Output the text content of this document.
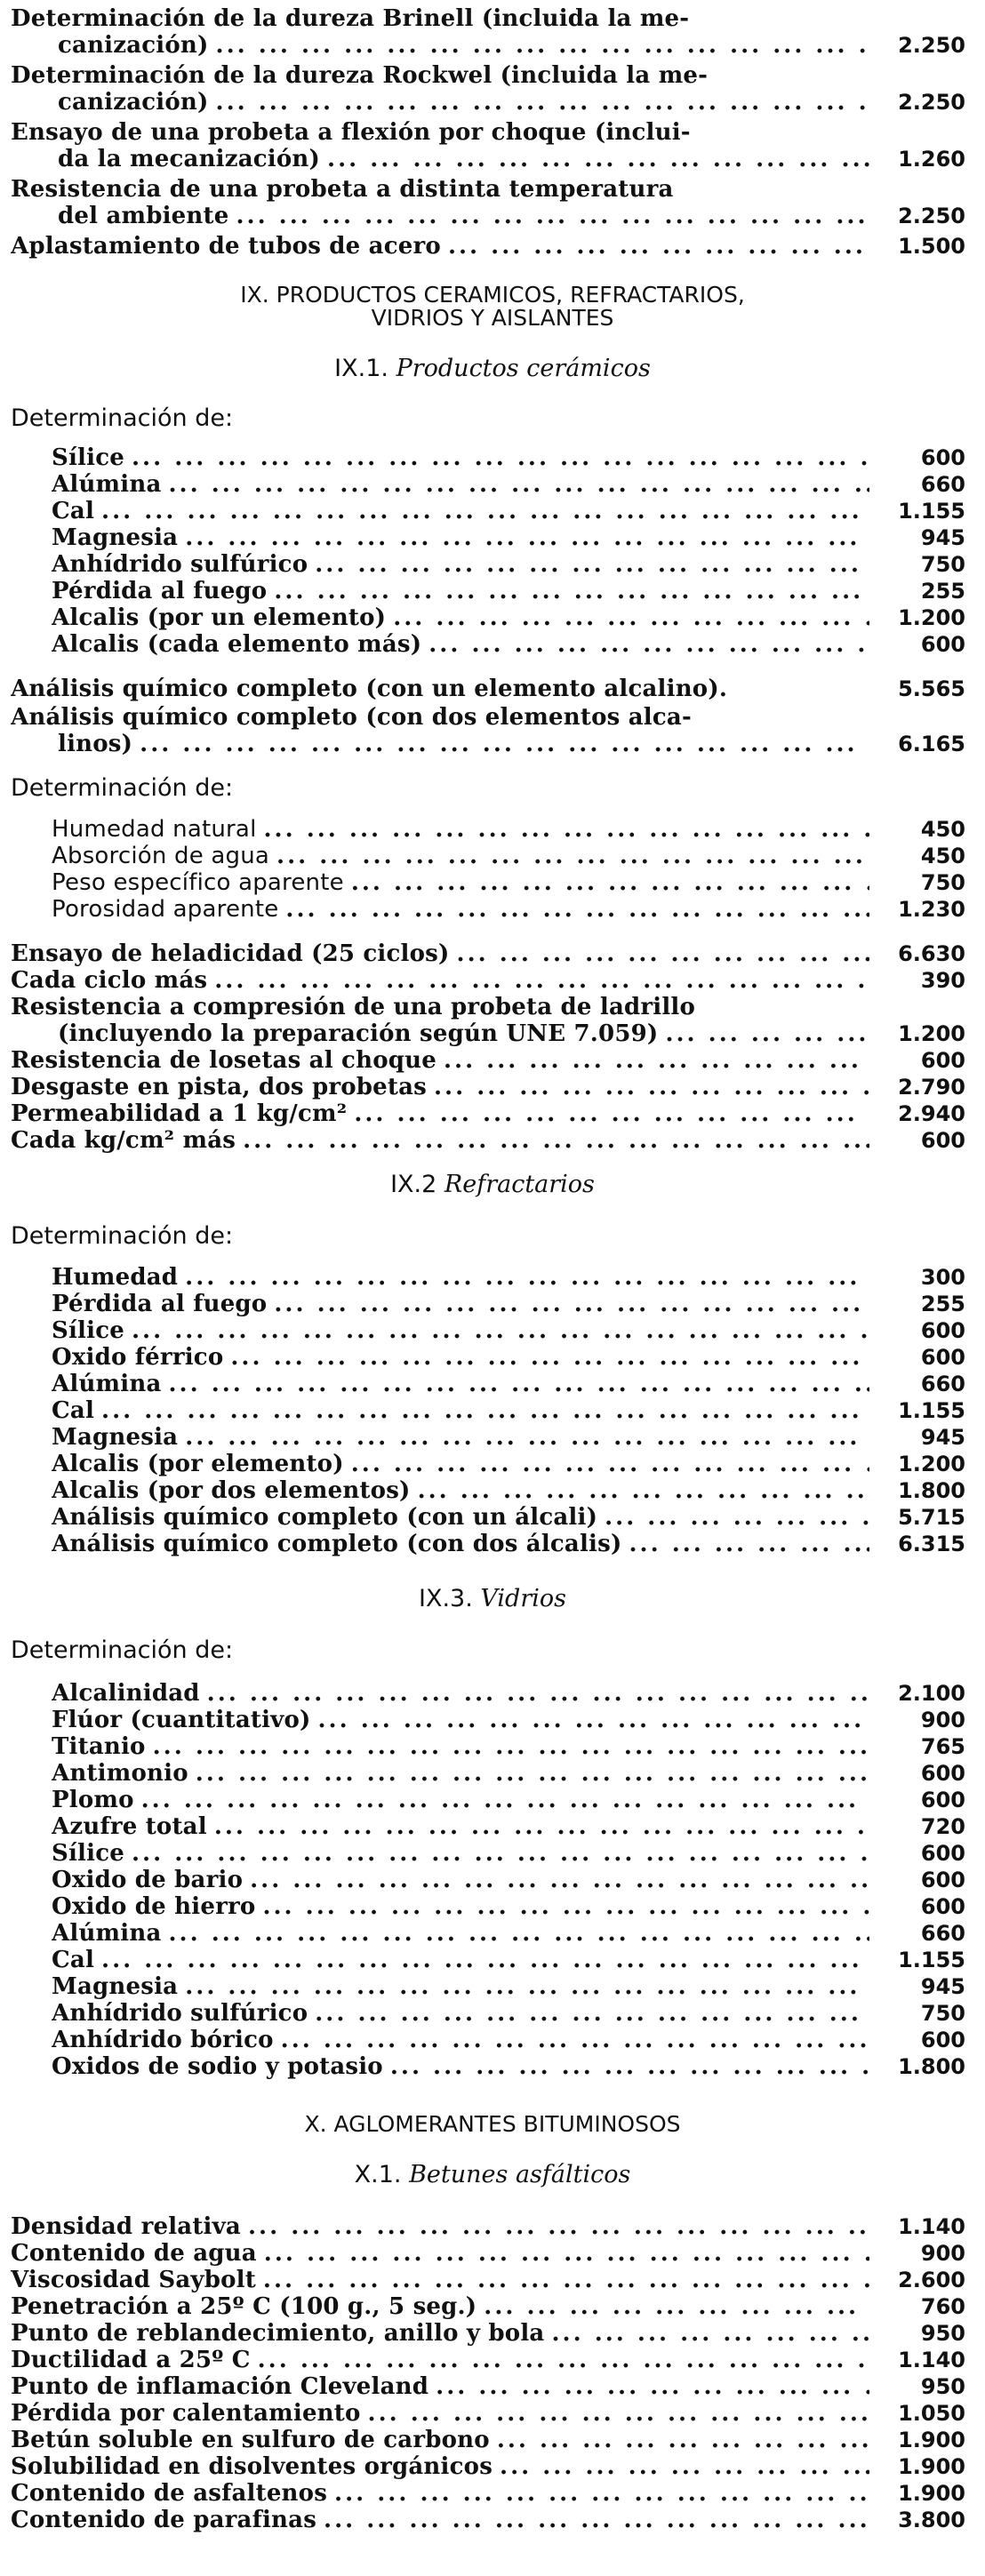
Determinación de la dureza Brinell (incluida la me-
canización) ... .	2.250
Determinación de la dureza Rockwel (incluida la me-
canización) ... .	2.250
Ensayo de una probeta a flexión por choque (inclui-
da la mecanización) ... .	1.260
Resistencia de una probeta a distinta temperatura
del ambiente ... .	2.250
Aplastamiento de tubos de acero ... .	1.500
IX. PRODUCTOS CERAMICOS, REFRACTARIOS,
VIDRIOS Y AISLANTES
IX.1. Productos cerámicos
Determinación de:
Sílice ... .	600
Alúmina ... .	660
Cal ... .	1.155
Magnesia ... .	945
Anhídrido sulfúrico ... .	750
Pérdida al fuego ... .	255
Alcalis (por un elemento) ... .	1.200
Alcalis (cada elemento más) ... .	600
Análisis químico completo (con un elemento alcalino).	5.565
Análisis químico completo (con dos elementos alca-
linos) ... .	6.165
Determinación de:
Humedad natural ... .	450
Absorción de agua ... .	450
Peso específico aparente ... .	750
Porosidad aparente ... .	1.230
Ensayo de heladicidad (25 ciclos) ... .	6.630
Cada ciclo más ... .	390
Resistencia a compresión de una probeta de ladrillo
(incluyendo la preparación según UNE 7.059) ... .	1.200
Resistencia de losetas al choque ... .	600
Desgaste en pista, dos probetas ... .	2.790
Permeabilidad a 1 kg/cm² ... .	2.940
Cada kg/cm² más ... .	600
IX.2 Refractarios
Determinación de:
Humedad ... .	300
Pérdida al fuego ... .	255
Sílice ... .	600
Oxido férrico ... .	600
Alúmina ... .	660
Cal ... .	1.155
Magnesia ... .	945
Alcalis (por elemento) ... .	1.200
Alcalis (por dos elementos) ... .	1.800
Análisis químico completo (con un álcali) ... .	5.715
Análisis químico completo (con dos álcalis) ... .	6.315
IX.3. Vidrios
Determinación de:
Alcalinidad ... .	2.100
Flúor (cuantitativo) ... .	900
Titanio ... .	765
Antimonio ... .	600
Plomo ... .	600
Azufre total ... .	720
Sílice ... .	600
Oxido de bario ... .	600
Oxido de hierro ... .	600
Alúmina ... .	660
Cal ... .	1.155
Magnesia ... .	945
Anhídrido sulfúrico ... .	750
Anhídrido bórico ... .	600
Oxidos de sodio y potasio ... .	1.800
X. AGLOMERANTES BITUMINOSOS
X.1. Betunes asfálticos
Densidad relativa ... .	1.140
Contenido de agua ... .	900
Viscosidad Saybolt ... .	2.600
Penetración a 25º C (100 g., 5 seg.) ... .	760
Punto de reblandecimiento, anillo y bola ... .	950
Ductilidad a 25º C ... .	1.140
Punto de inflamación Cleveland ... .	950
Pérdida por calentamiento ... .	1.050
Betún soluble en sulfuro de carbono ... .	1.900
Solubilidad en disolventes orgánicos ... .	1.900
Contenido de asfaltenos ... .	1.900
Contenido de parafinas ... .	3.800
